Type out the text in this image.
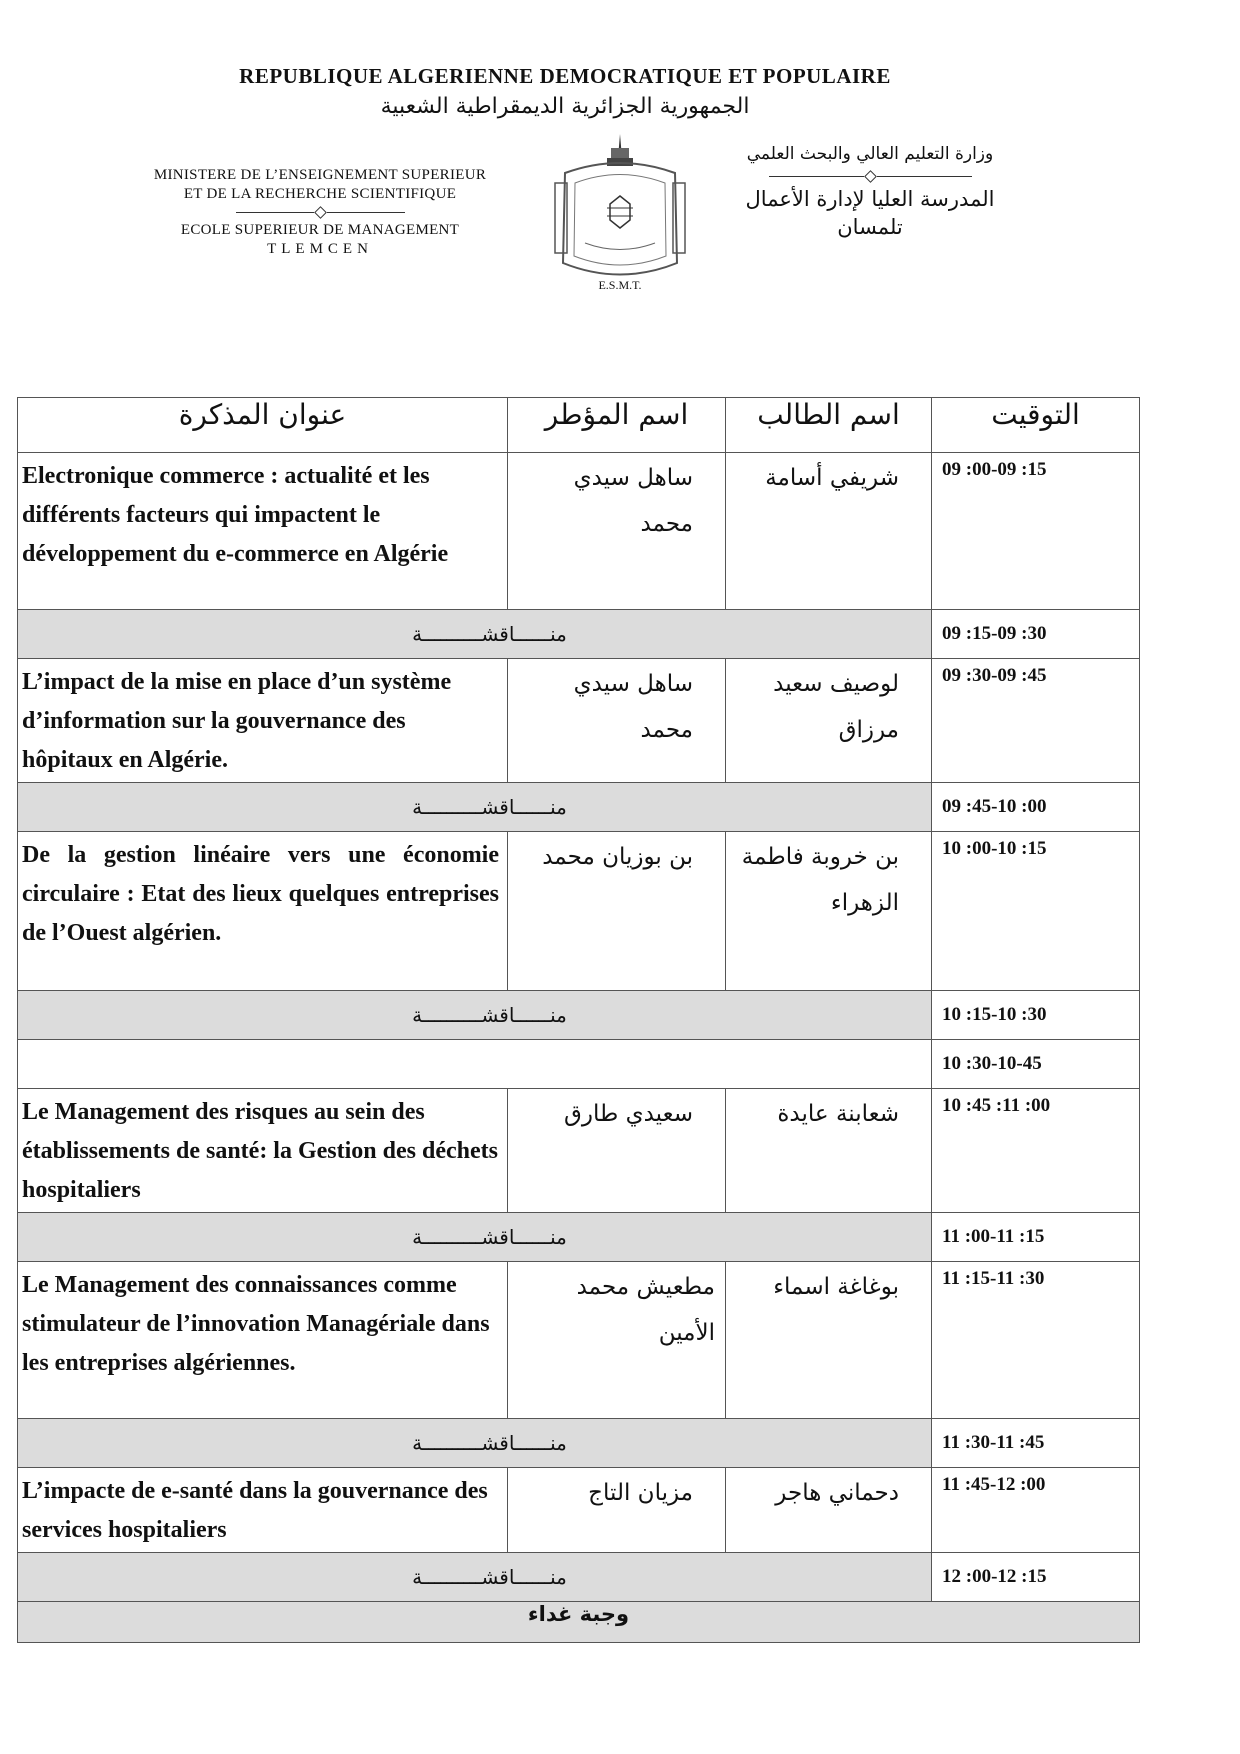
REPUBLIQUE ALGERIENNE DEMOCRATIQUE ET POPULAIRE
الجمهورية الجزائرية الديمقراطية الشعبية
MINISTERE DE L’ENSEIGNEMENT SUPERIEUR
ET DE LA RECHERCHE SCIENTIFIQUE
ECOLE SUPERIEUR DE MANAGEMENT
TLEMCEN
E.S.M.T.
وزارة التعليم العالي والبحث العلمي
المدرسة العليا لإدارة الأعمال
تلمسان
عنوان المذكرة	اسم المؤطر	اسم الطالب	التوقيت
Electronique commerce : actualité et les différents facteurs qui impactent le développement du e-commerce en Algérie	ساهل سيدي محمد	شريفي أسامة	09 :00-09 :15
منــــــاقشــــــــــة			09 :15-09 :30
L’impact de la mise en place d’un système d’information sur la gouvernance des hôpitaux en Algérie.	ساهل سيدي محمد	لوصيف سعيد مرزاق	09 :30-09 :45
منــــــاقشــــــــــة			09 :45-10 :00
De la gestion linéaire vers une économie circulaire : Etat des lieux quelques entreprises de l’Ouest algérien.	بن بوزيان محمد	بن خروبة فاطمة الزهراء	10 :00-10 :15
منــــــاقشــــــــــة			10 :15-10 :30
			10 :30-10-45
Le Management des risques au sein des établissements de santé: la Gestion des déchets hospitaliers	سعيدي طارق	شعابنة عايدة	10 :45 :11 :00
منــــــاقشــــــــــة			11 :00-11 :15
Le Management des connaissances comme stimulateur de l’innovation Managériale dans les entreprises algériennes.	مطعيش محمد الأمين	بوغاغة اسماء	11 :15-11 :30
منــــــاقشــــــــــة			11 :30-11 :45
L’impacte de e-santé dans la gouvernance des services hospitaliers	مزيان التاج	دحماني هاجر	11 :45-12 :00
منــــــاقشــــــــــة			12 :00-12 :15
وجبة غداء			
